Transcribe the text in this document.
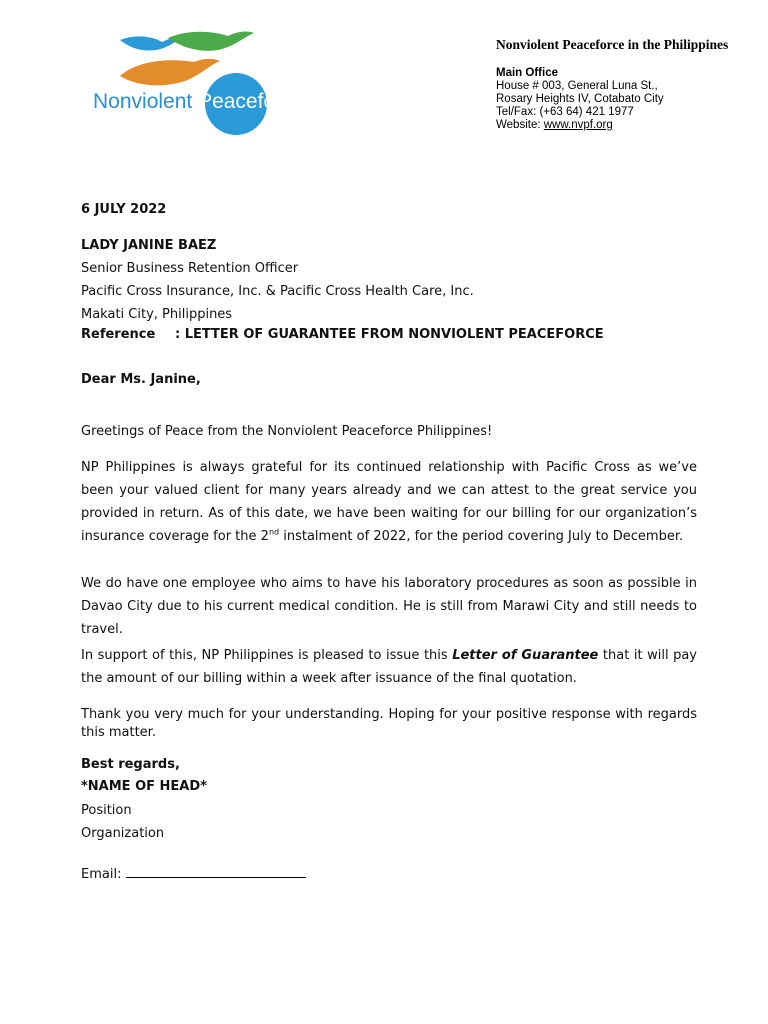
Nonviolent Peaceforce
Nonviolent Peaceforce in the Philippines
Main Office
House # 003, General Luna St.,
Rosary Heights IV, Cotabato City
Tel/Fax: (+63 64) 421 1977
Website: www.nvpf.org
6 JULY 2022
LADY JANINE BAEZ
Senior Business Retention Officer
Pacific Cross Insurance, Inc. & Pacific Cross Health Care, Inc.
Makati City, Philippines
Reference : LETTER OF GUARANTEE FROM NONVIOLENT PEACEFORCE
Dear Ms. Janine,
Greetings of Peace from the Nonviolent Peaceforce Philippines!
NP Philippines is always grateful for its continued relationship with Pacific Cross as we’ve been your valued client for many years already and we can attest to the great service you provided in return. As of this date, we have been waiting for our billing for our organization’s insurance coverage for the 2nd instalment of 2022, for the period covering July to December.
We do have one employee who aims to have his laboratory procedures as soon as possible in Davao City due to his current medical condition. He is still from Marawi City and still needs to travel.
In support of this, NP Philippines is pleased to issue this Letter of Guarantee that it will pay the amount of our billing within a week after issuance of the final quotation.
Thank you very much for your understanding. Hoping for your positive response with regards this matter.
Best regards,
*NAME OF HEAD*
Position
Organization
Email:
